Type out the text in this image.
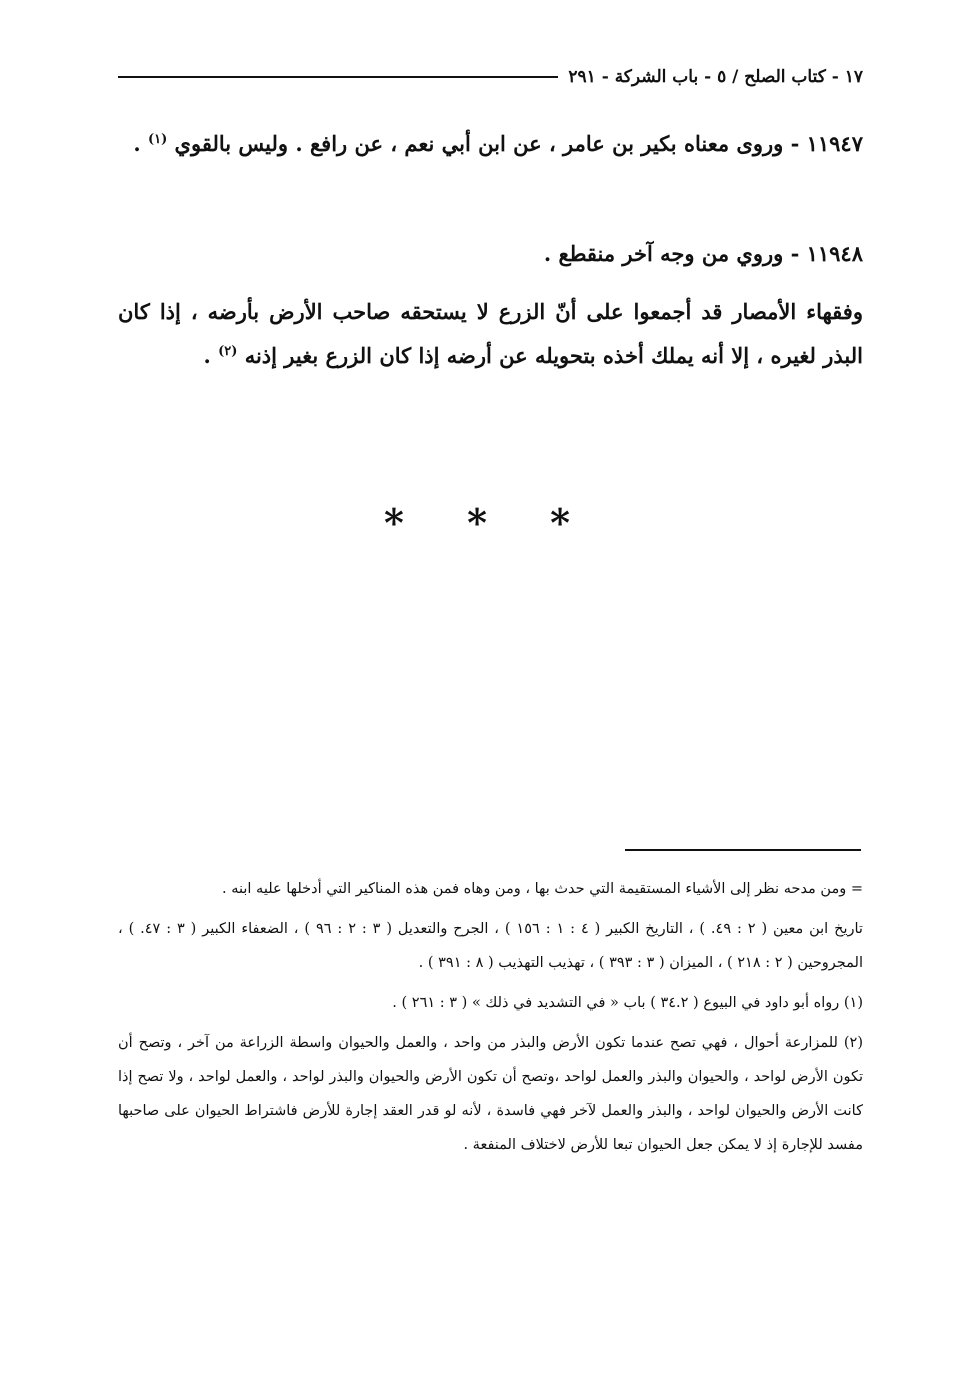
١٧ - كتاب الصلح / ٥ - باب الشركة - ٢٩١

١١٩٤٧ - وروى معناه بكير بن عامر ، عن ابن أبي نعم ، عن رافع . وليس بالقوي $^{(١)}$ .

١١٩٤٨ - وروي من وجه آخر منقطع .

وفقهاء الأمصار قد أجمعوا على أنّ الزرع لا يستحقه صاحب الأرض بأرضه ، إذا كان البذر لغيره ، إلا أنه يملك أخذه بتحويله عن أرضه إذا كان الزرع بغير إذنه $^{(٢)}$ .

* * *

= ومن مدحه نظر إلى الأشياء المستقيمة التي حدث بها ، ومن وهاه فمن هذه المناكير التي أدخلها عليه ابنه .

تاريخ ابن معين ( ٢ : ٤٩. ) ، التاريخ الكبير ( ٤ : ١ : ١٥٦ ) ، الجرح والتعديل ( ٣ : ٢ : ٩٦ ) ، الضعفاء الكبير ( ٣ : ٤٧. ) ، المجروحين ( ٢ : ٢١٨ ) ، الميزان ( ٣ : ٣٩٣ ) ، تهذيب التهذيب ( ٨ : ٣٩١ ) .

(١) رواه أبو داود في البيوع ( ٣٤.٢ ) باب « في التشديد في ذلك » ( ٣ : ٢٦١ ) .

(٢) للمزارعة أحوال ، فهي تصح عندما تكون الأرض والبذر من واحد ، والعمل والحيوان واسطة الزراعة من آخر ، وتصح أن تكون الأرض لواحد ، والحيوان والبذر والعمل لواحد ،وتصح أن تكون الأرض والحيوان والبذر لواحد ، والعمل لواحد ، ولا تصح إذا كانت الأرض والحيوان لواحد ، والبذر والعمل لآخر فهي فاسدة ، لأنه لو قدر العقد إجارة للأرض فاشتراط الحيوان على صاحبها مفسد للإجارة إذ لا يمكن جعل الحيوان تبعا للأرض لاختلاف المنفعة .
